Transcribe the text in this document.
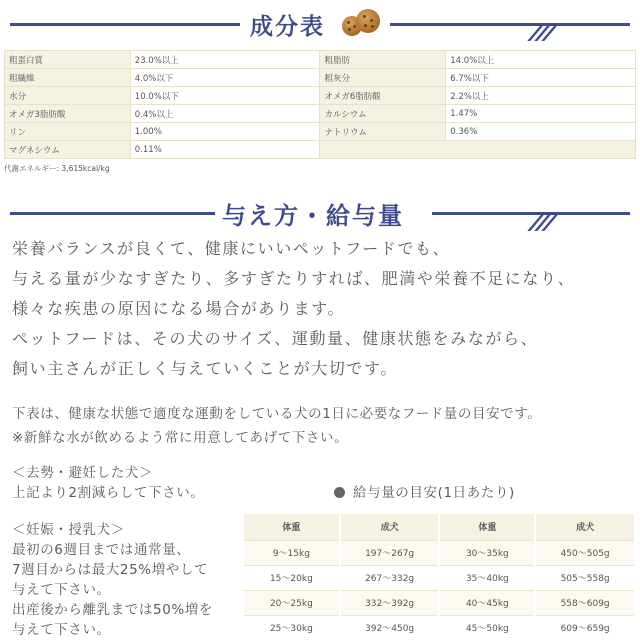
成分表
粗蛋白質	23.0%以上	粗脂肪	14.0%以上
粗繊維	4.0%以下	粗灰分	6.7%以下
水分	10.0%以下	オメガ6脂肪酸	2.2%以上
オメガ3脂肪酸	0.4%以上	カルシウム	1.47%
リン	1.00%	ナトリウム	0.36%
マグネシウム	0.11%		
代謝エネルギー: 3,615kcal/kg
与え方・給与量
栄養バランスが良くて、健康にいいペットフードでも、
与える量が少なすぎたり、多すぎたりすれば、肥満や栄養不足になり、
様々な疾患の原因になる場合があります。
ペットフードは、その犬のサイズ、運動量、健康状態をみながら、
飼い主さんが正しく与えていくことが大切です。
下表は、健康な状態で適度な運動をしている犬の1日に必要なフード量の目安です。
※新鮮な水が飲めるよう常に用意してあげて下さい。
＜去勢・避妊した犬＞
上記より2割減らして下さい。	給与量の目安(1日あたり)
＜妊娠・授乳犬＞
最初の6週目までは通常量、
7週目からは最大25%増やして
与えて下さい。
出産後から離乳までは50%増を
与えて下さい。
体重	成犬	体重	成犬
9～15kg	197～267g	30～35kg	450～505g
15～20kg	267～332g	35～40kg	505～558g
20～25kg	332～392g	40～45kg	558～609g
25～30kg	392～450g	45～50kg	609～659g
